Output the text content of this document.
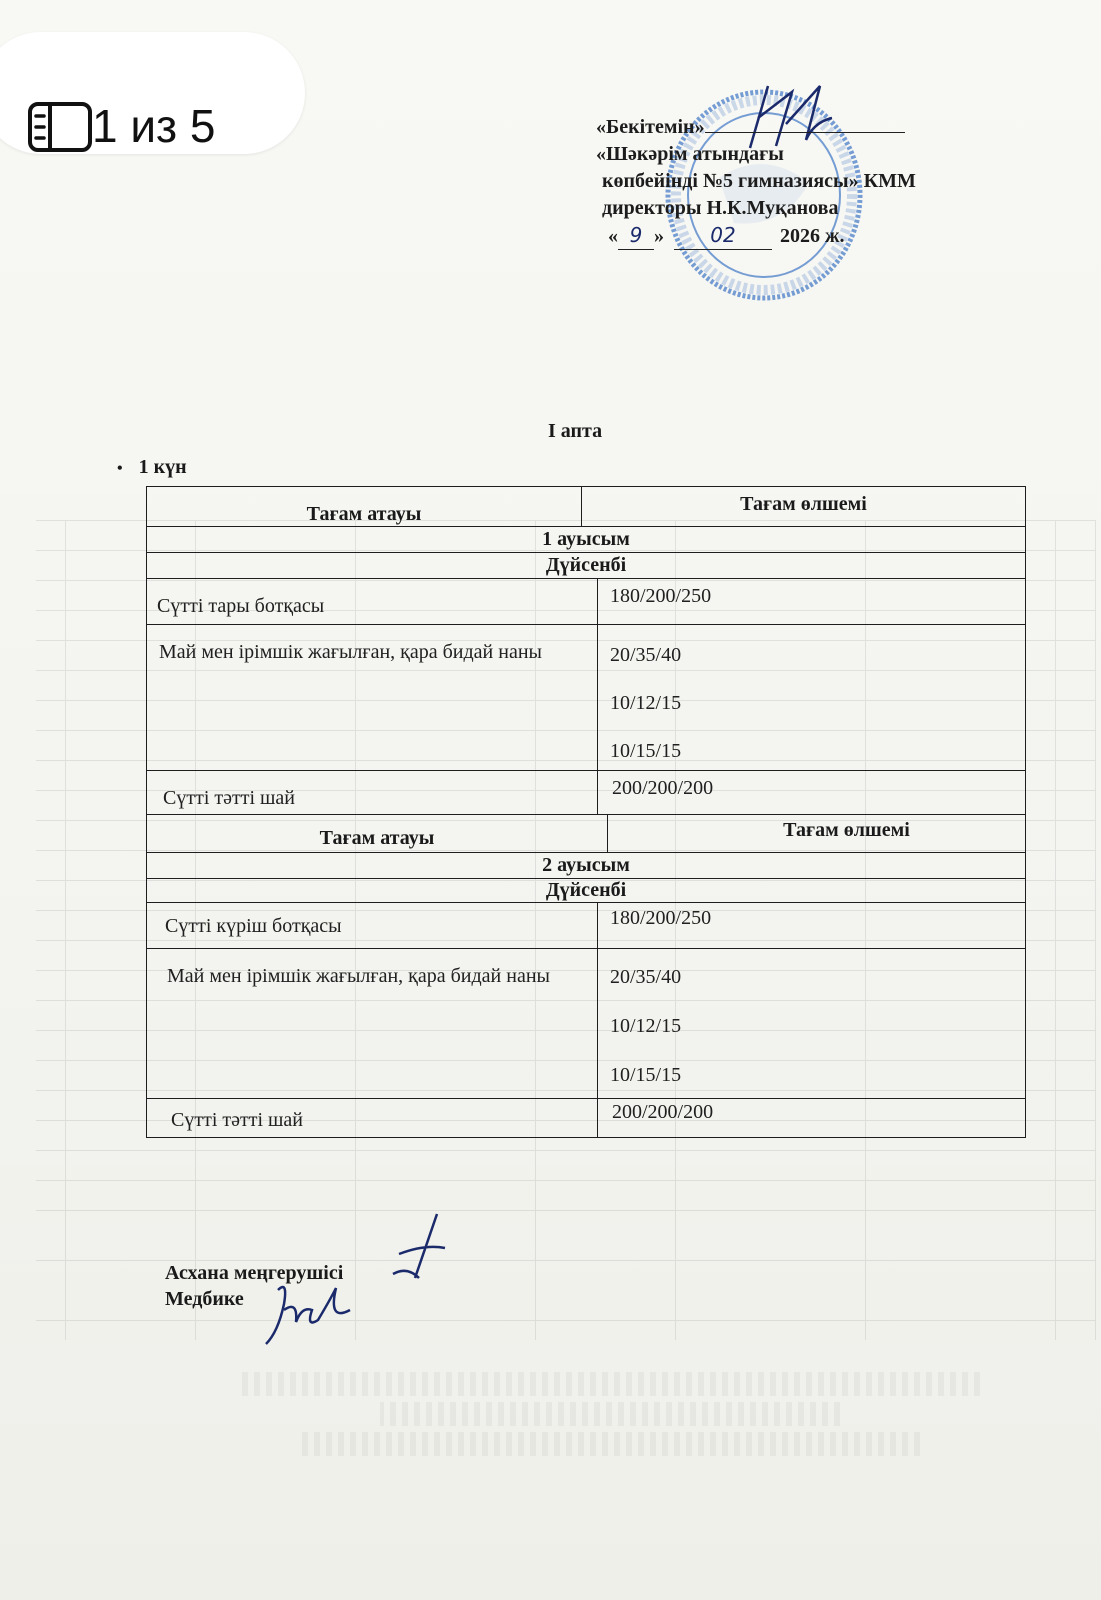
«Бекітемін»
«Шәкәрім атындағы
көпбейінді №5 гимназиясы» КММ
директоры Н.К.Муқанова
« 9 » 02 2026 ж.
I апта
• 1 күн
Тағам атауы	Тағам өлшемі
1 ауысым
Дүйсенбі
Сүтті тары ботқасы	180/200/250
Май мен ірімшік жағылған, қара бидай наны	20/35/40
10/12/15
10/15/15
Сүтті тәтті шай	200/200/200
Тағам атауы	Тағам өлшемі
2 ауысым
Дүйсенбі
Сүтті күріш ботқасы	180/200/250
Май мен ірімшік жағылған, қара бидай наны	20/35/40
10/12/15
10/15/15
Сүтті тәтті шай	200/200/200
Асхана меңгерушісі
Медбике
1 из 5
